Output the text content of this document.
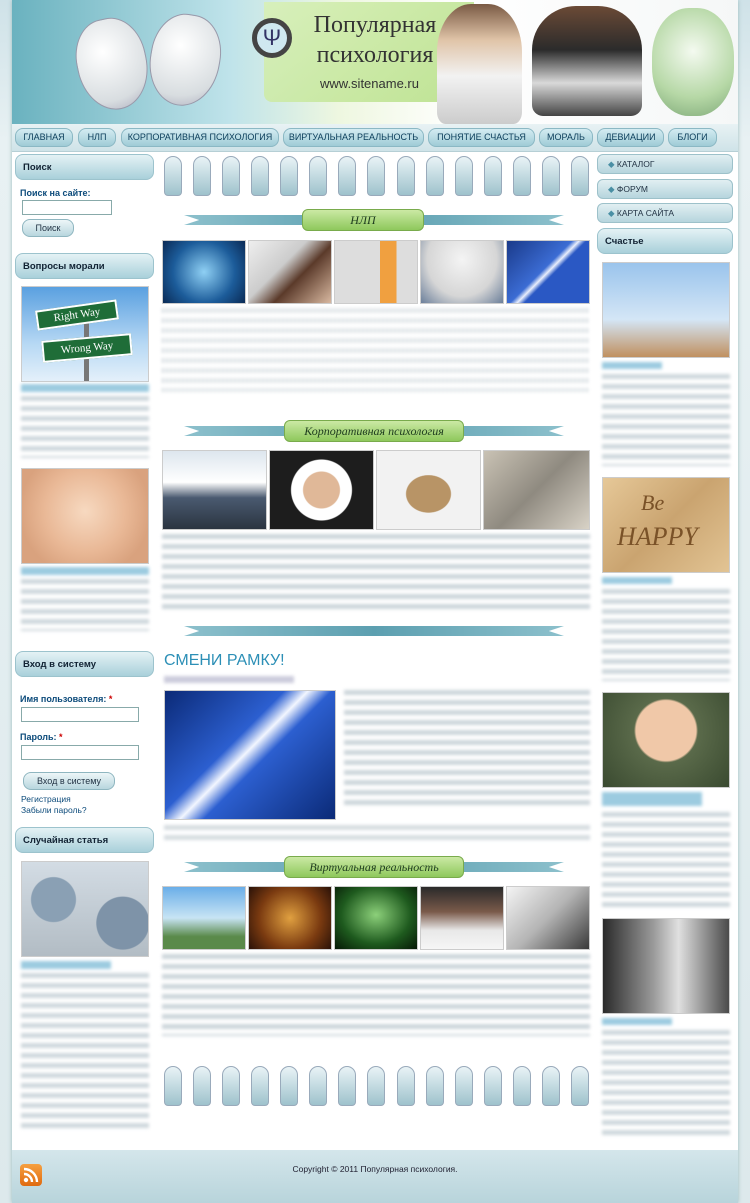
Ψ	Популярная
психология
www.sitename.ru
ГЛАВНАЯ	НЛП	КОРПОРАТИВНАЯ ПСИХОЛОГИЯ	ВИРТУАЛЬНАЯ РЕАЛЬНОСТЬ	ПОНЯТИЕ СЧАСТЬЯ	МОРАЛЬ	ДЕВИАЦИИ	БЛОГИ
Поиск
Поиск на сайте:
Поиск
Вопросы морали
Right Way
Wrong Way
Вход в систему
Имя пользователя: *
Пароль: *
Вход в систему
Регистрация
Забыли пароль?
Случайная статья
НЛП
Корпоративная психология
СМЕНИ РАМКУ!
Виртуальная реальность
◆ КАТАЛОГ
◆ ФОРУМ
◆ КАРТА САЙТА
Счастье
Be
HAPPY
Copyright © 2011 Популярная психология.
